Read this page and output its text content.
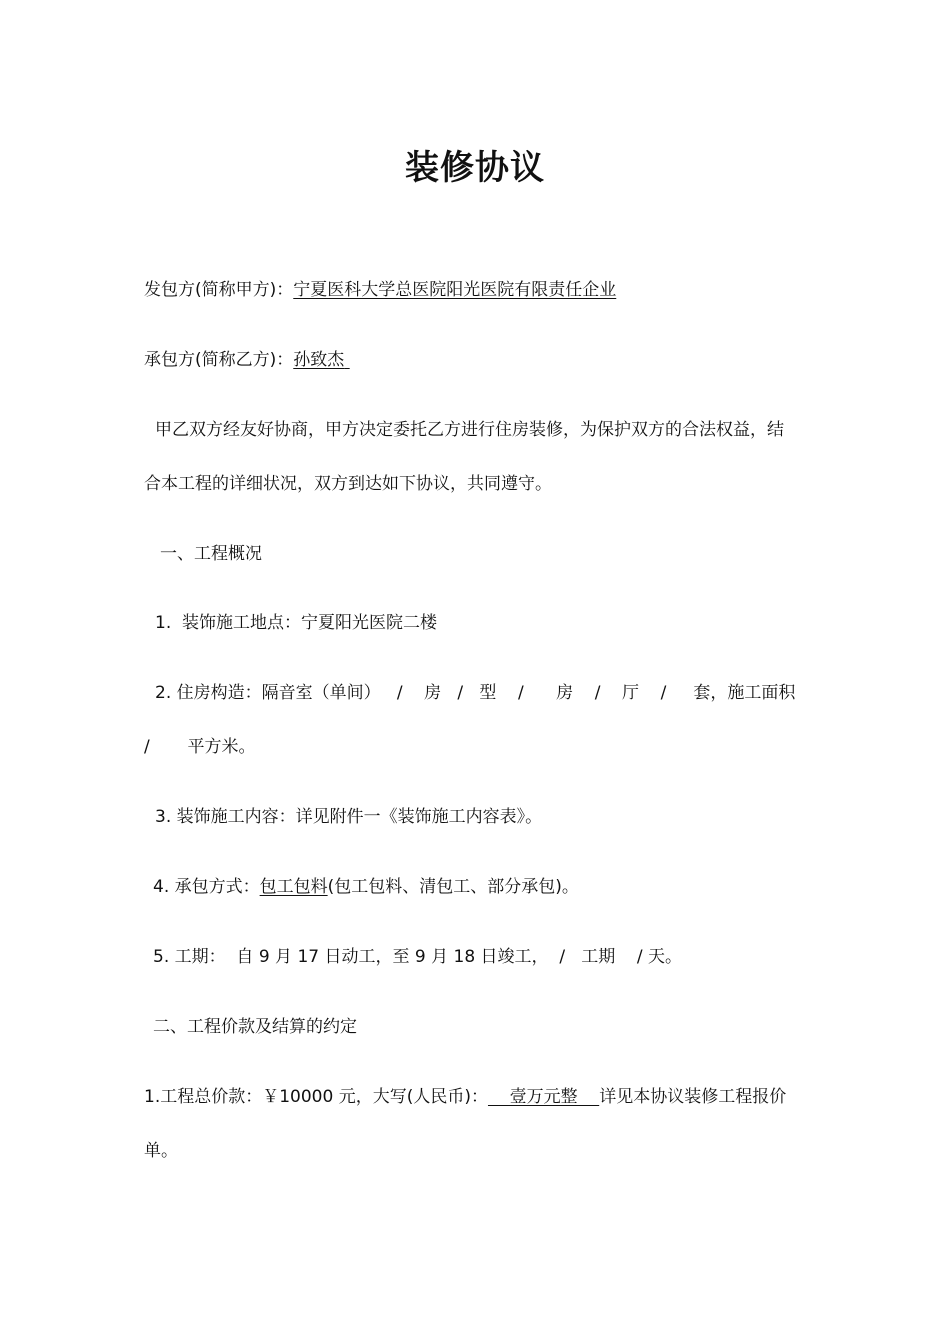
装修协议
发包方(简称甲方)：宁夏医科大学总医院阳光医院有限责任企业
承包方(简称乙方)：孙致杰
甲乙双方经友好协商，甲方决定委托乙方进行住房装修，为保护双方的合法权益，结
合本工程的详细状况，双方到达如下协议，共同遵守。
一、工程概况
1.  装饰施工地点：宁夏阳光医院二楼
2. 住房构造：隔音室（单间）   /    房   /   型    /      房    /    厅    /     套，施工面积
/       平方米。
3. 装饰施工内容：详见附件一《装饰施工内容表》。
4. 承包方式：包工包料(包工包料、清包工、部分承包)。
5. 工期：  自 9 月 17 日动工，至 9 月 18 日竣工，  /   工期    / 天。
二、工程价款及结算的约定
1.工程总价款：￥10000 元，大写(人民币)：    壹万元整    详见本协议装修工程报价
单。
